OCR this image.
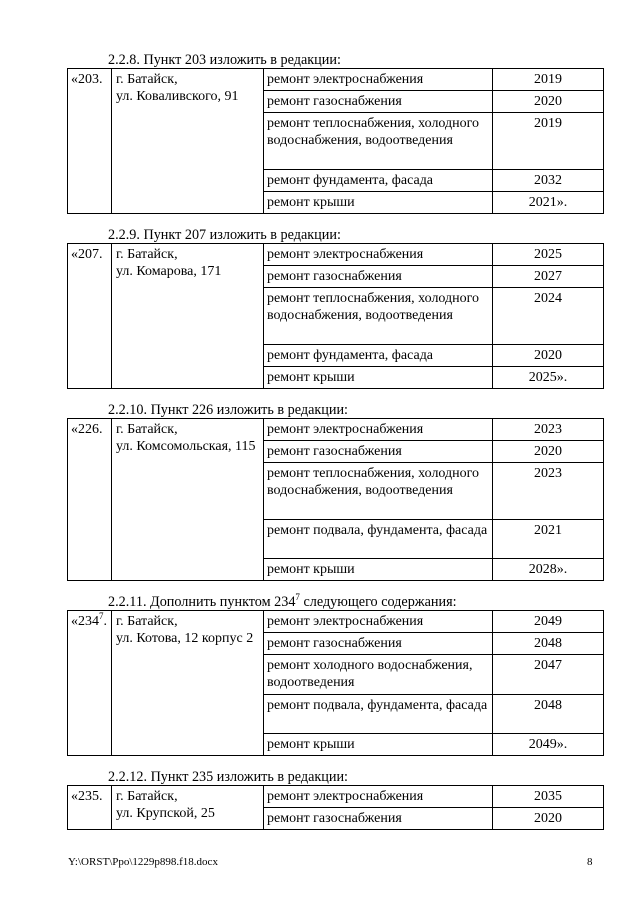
2.2.8. Пункт 203 изложить в редакции:
«203.	г. Батайск,
ул. Коваливского, 91	ремонт электроснабжения	2019
		ремонт газоснабжения	2020
		ремонт теплоснабжения, холодного водоснабжения, водоотведения	2019
		ремонт фундамента, фасада	2032
		ремонт крыши	2021».
2.2.9. Пункт 207 изложить в редакции:
«207.	г. Батайск,
ул. Комарова, 171	ремонт электроснабжения	2025
		ремонт газоснабжения	2027
		ремонт теплоснабжения, холодного водоснабжения, водоотведения	2024
		ремонт фундамента, фасада	2020
		ремонт крыши	2025».
2.2.10. Пункт 226 изложить в редакции:
«226.	г. Батайск,
ул. Комсомольская, 115	ремонт электроснабжения	2023
		ремонт газоснабжения	2020
		ремонт теплоснабжения, холодного водоснабжения, водоотведения	2023
		ремонт подвала, фундамента, фасада	2021
		ремонт крыши	2028».
2.2.11. Дополнить пунктом $234^7$ следующего содержания:
«$234^7$.	г. Батайск,
ул. Котова, 12 корпус 2	ремонт электроснабжения	2049
		ремонт газоснабжения	2048
		ремонт холодного водоснабжения, водоотведения	2047
		ремонт подвала, фундамента, фасада	2048
		ремонт крыши	2049».
2.2.12. Пункт 235 изложить в редакции:
«235.	г. Батайск,
ул. Крупской, 25	ремонт электроснабжения	2035
		ремонт газоснабжения	2020
Y:\ORST\Ppo\1229p898.f18.docx	8
